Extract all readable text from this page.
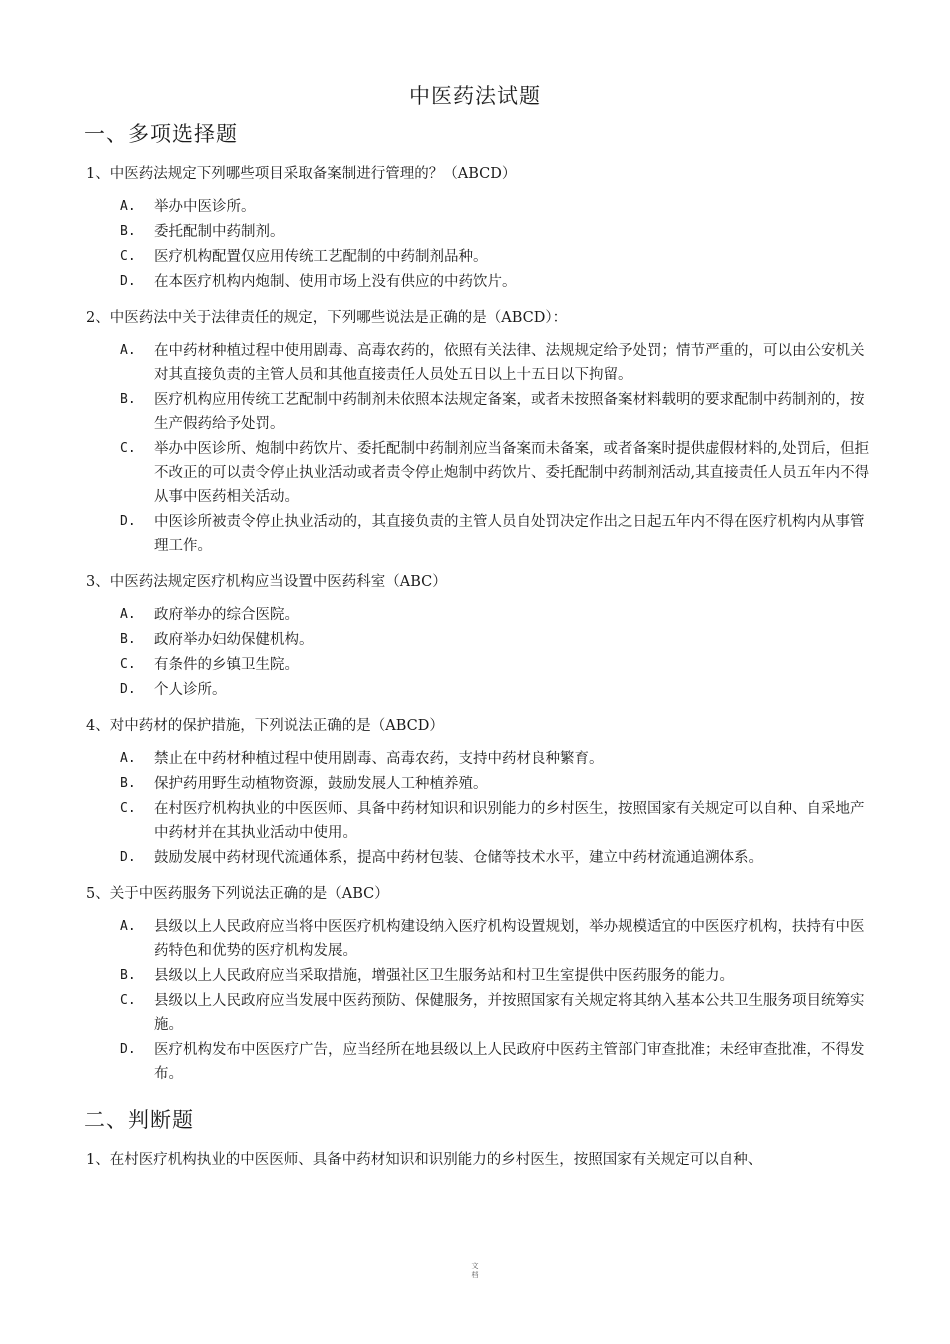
中医药法试题
一、多项选择题
1、中医药法规定下列哪些项目采取备案制进行管理的？（ABCD）
A.	举办中医诊所。
B.	委托配制中药制剂。
C.	医疗机构配置仅应用传统工艺配制的中药制剂品种。
D.	在本医疗机构内炮制、使用市场上没有供应的中药饮片。
2、中医药法中关于法律责任的规定，下列哪些说法是正确的是（ABCD）：
A.	在中药材种植过程中使用剧毒、高毒农药的，依照有关法律、法规规定给予处罚；情节严重的，可以由公安机关对其直接负责的主管人员和其他直接责任人员处五日以上十五日以下拘留。
B.	医疗机构应用传统工艺配制中药制剂未依照本法规定备案，或者未按照备案材料载明的要求配制中药制剂的，按生产假药给予处罚。
C.	举办中医诊所、炮制中药饮片、委托配制中药制剂应当备案而未备案，或者备案时提供虚假材料的,处罚后，但拒不改正的可以责令停止执业活动或者责令停止炮制中药饮片、委托配制中药制剂活动,其直接责任人员五年内不得从事中医药相关活动。
D.	中医诊所被责令停止执业活动的，其直接负责的主管人员自处罚决定作出之日起五年内不得在医疗机构内从事管理工作。
3、中医药法规定医疗机构应当设置中医药科室（ABC）
A.	政府举办的综合医院。
B.	政府举办妇幼保健机构。
C.	有条件的乡镇卫生院。
D.	个人诊所。
4、对中药材的保护措施，下列说法正确的是（ABCD）
A.	禁止在中药材种植过程中使用剧毒、高毒农药，支持中药材良种繁育。
B.	保护药用野生动植物资源，鼓励发展人工种植养殖。
C.	在村医疗机构执业的中医医师、具备中药材知识和识别能力的乡村医生，按照国家有关规定可以自种、自采地产中药材并在其执业活动中使用。
D.	鼓励发展中药材现代流通体系，提高中药材包装、仓储等技术水平，建立中药材流通追溯体系。
5、关于中医药服务下列说法正确的是（ABC）
A.	县级以上人民政府应当将中医医疗机构建设纳入医疗机构设置规划，举办规模适宜的中医医疗机构，扶持有中医药特色和优势的医疗机构发展。
B.	县级以上人民政府应当采取措施，增强社区卫生服务站和村卫生室提供中医药服务的能力。
C.	县级以上人民政府应当发展中医药预防、保健服务，并按照国家有关规定将其纳入基本公共卫生服务项目统筹实施。
D.	医疗机构发布中医医疗广告，应当经所在地县级以上人民政府中医药主管部门审查批准；未经审查批准，不得发布。
二、判断题
1、在村医疗机构执业的中医医师、具备中药材知识和识别能力的乡村医生，按照国家有关规定可以自种、
文
档
